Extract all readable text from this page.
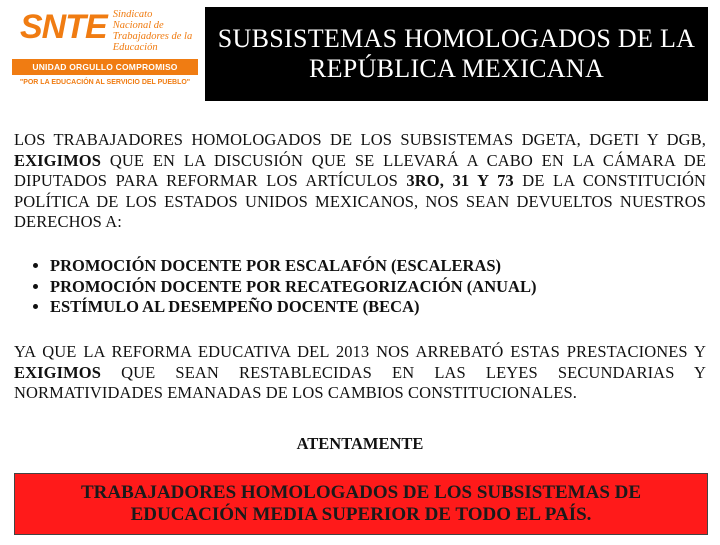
SNTE Sindicato
Nacional de
Trabajadores de la
Educación
UNIDAD ORGULLO COMPROMISO
"POR LA EDUCACIÓN AL SERVICIO DEL PUEBLO"
SUBSISTEMAS HOMOLOGADOS DE LA REPÚBLICA MEXICANA
LOS TRABAJADORES HOMOLOGADOS DE LOS SUBSISTEMAS DGETA, DGETI Y DGB, EXIGIMOS QUE EN LA DISCUSIÓN QUE SE LLEVARÁ A CABO EN LA CÁMARA DE DIPUTADOS PARA REFORMAR LOS ARTÍCULOS 3RO, 31 Y 73 DE LA CONSTITUCIÓN POLÍTICA DE LOS ESTADOS UNIDOS MEXICANOS, NOS SEAN DEVUELTOS NUESTROS DERECHOS A:
• PROMOCIÓN DOCENTE POR ESCALAFÓN (ESCALERAS)
• PROMOCIÓN DOCENTE POR RECATEGORIZACIÓN (ANUAL)
• ESTÍMULO AL DESEMPEÑO DOCENTE (BECA)
YA QUE LA REFORMA EDUCATIVA DEL 2013 NOS ARREBATÓ ESTAS PRESTACIONES Y EXIGIMOS QUE SEAN RESTABLECIDAS EN LAS LEYES SECUNDARIAS Y NORMATIVIDADES EMANADAS DE LOS CAMBIOS CONSTITUCIONALES.
ATENTAMENTE
TRABAJADORES HOMOLOGADOS DE LOS SUBSISTEMAS DE EDUCACIÓN MEDIA SUPERIOR DE TODO EL PAÍS.
